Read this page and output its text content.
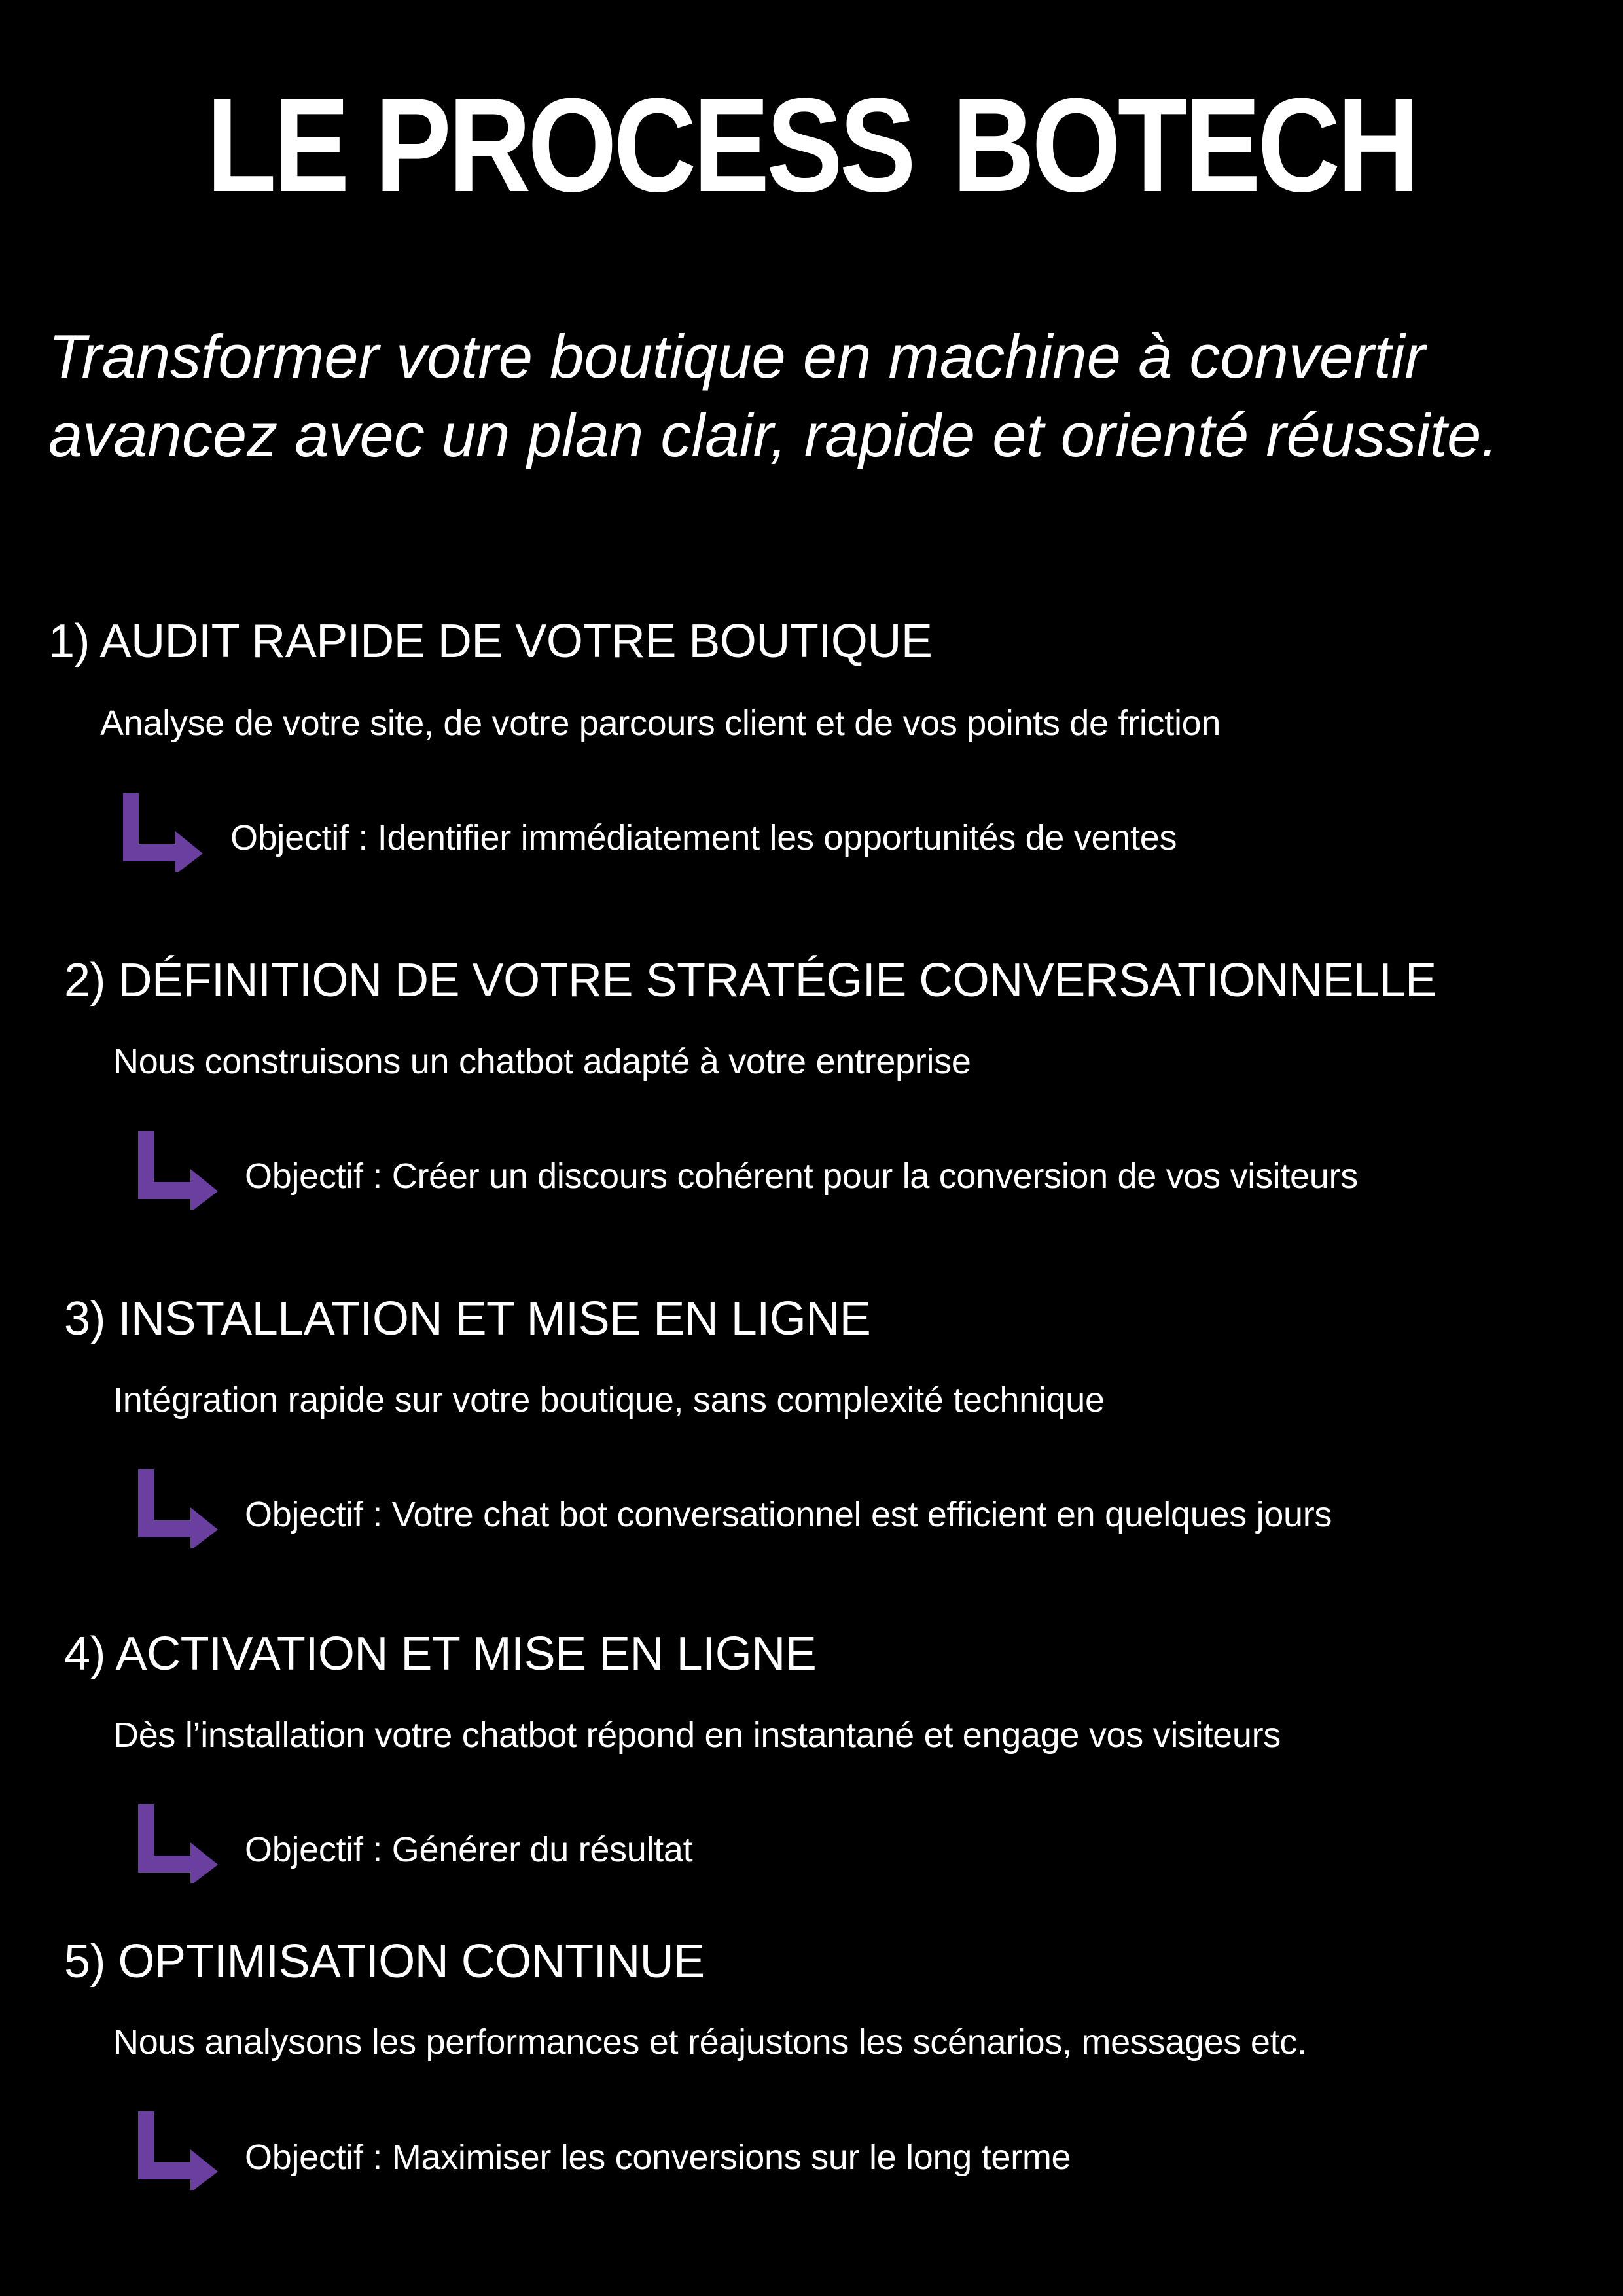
LE PROCESS BOTECH
Transformer votre boutique en machine à convertir
avancez avec un plan clair, rapide et orienté réussite.
1) AUDIT RAPIDE DE VOTRE BOUTIQUE
Analyse de votre site, de votre parcours client et de vos points de friction
Objectif : Identifier immédiatement les opportunités de ventes
2) DÉFINITION DE VOTRE STRATÉGIE CONVERSATIONNELLE
Nous construisons un chatbot adapté à votre entreprise
Objectif : Créer un discours cohérent pour la conversion de vos visiteurs
3) INSTALLATION ET MISE EN LIGNE
Intégration rapide sur votre boutique, sans complexité technique
Objectif : Votre chat bot conversationnel est efficient en quelques jours
4) ACTIVATION ET MISE EN LIGNE
Dès l’installation votre chatbot répond en instantané et engage vos visiteurs
Objectif : Générer du résultat
5) OPTIMISATION CONTINUE
Nous analysons les performances et réajustons les scénarios, messages etc.
Objectif : Maximiser les conversions sur le long terme
